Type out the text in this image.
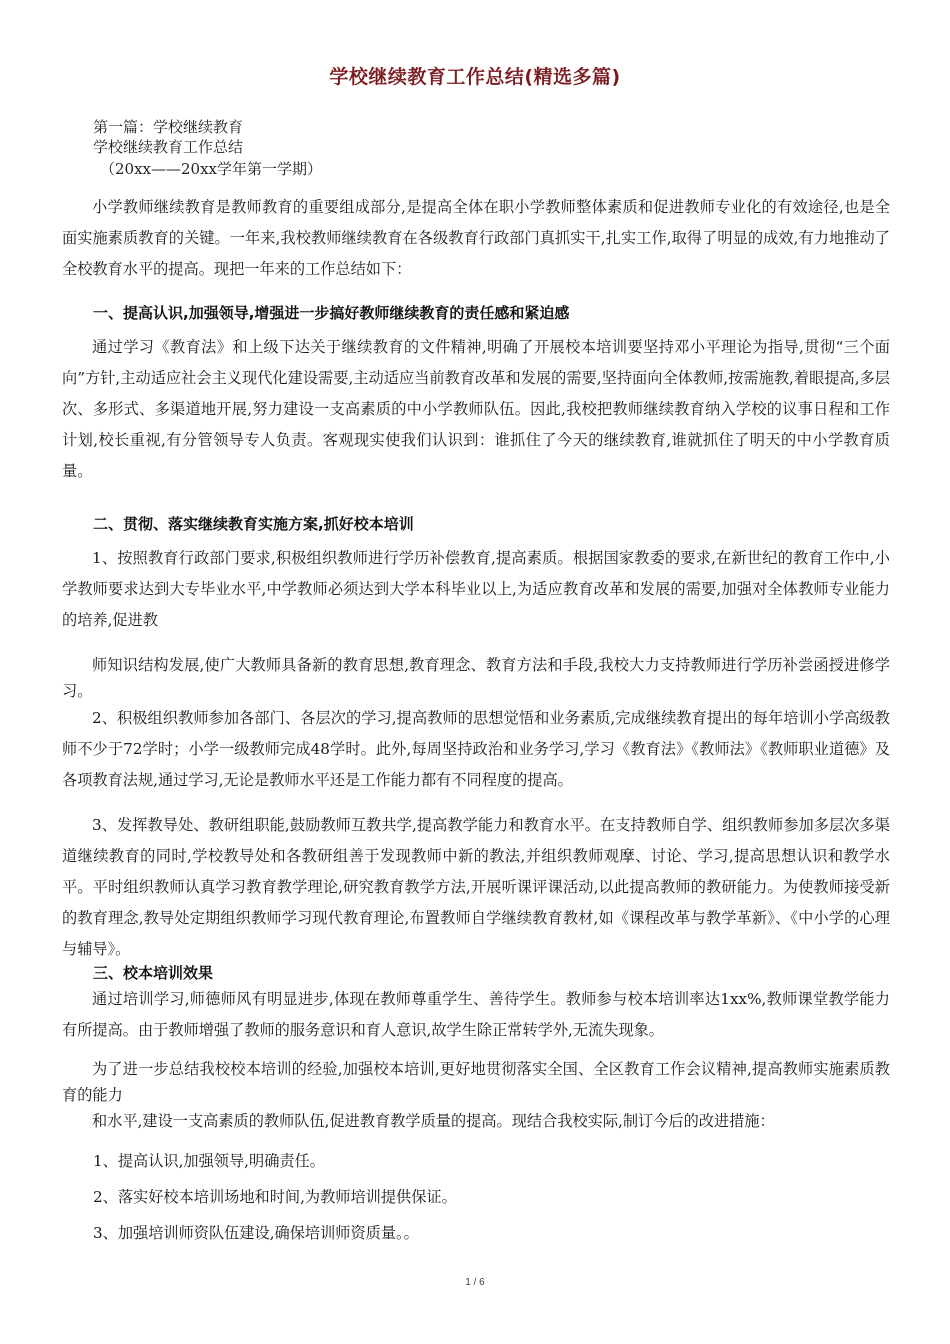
学校继续教育工作总结(精选多篇)
第一篇：学校继续教育
学校继续教育工作总结
（20xx——20xx学年第一学期）
小学教师继续教育是教师教育的重要组成部分,是提高全体在职小学教师整体素质和促进教师专业化的有效途径,也是全面实施素质教育的关键。一年来,我校教师继续教育在各级教育行政部门真抓实干,扎实工作,取得了明显的成效,有力地推动了全校教育水平的提高。现把一年来的工作总结如下：
一、提高认识,加强领导,增强进一步搞好教师继续教育的责任感和紧迫感
通过学习《教育法》和上级下达关于继续教育的文件精神,明确了开展校本培训要坚持邓小平理论为指导,贯彻“三个面向”方针,主动适应社会主义现代化建设需要,主动适应当前教育改革和发展的需要,坚持面向全体教师,按需施教,着眼提高,多层次、多形式、多渠道地开展,努力建设一支高素质的中小学教师队伍。因此,我校把教师继续教育纳入学校的议事日程和工作计划,校长重视,有分管领导专人负责。客观现实使我们认识到：谁抓住了今天的继续教育,谁就抓住了明天的中小学教育质量。
二、贯彻、落实继续教育实施方案,抓好校本培训
1、按照教育行政部门要求,积极组织教师进行学历补偿教育,提高素质。根据国家教委的要求,在新世纪的教育工作中,小学教师要求达到大专毕业水平,中学教师必须达到大学本科毕业以上,为适应教育改革和发展的需要,加强对全体教师专业能力的培养,促进教
师知识结构发展,使广大教师具备新的教育思想,教育理念、教育方法和手段,我校大力支持教师进行学历补尝函授进修学习。
2、积极组织教师参加各部门、各层次的学习,提高教师的思想觉悟和业务素质,完成继续教育提出的每年培训小学高级教师不少于72学时；小学一级教师完成48学时。此外,每周坚持政治和业务学习,学习《教育法》《教师法》《教师职业道德》及各项教育法规,通过学习,无论是教师水平还是工作能力都有不同程度的提高。
3、发挥教导处、教研组职能,鼓励教师互教共学,提高教学能力和教育水平。在支持教师自学、组织教师参加多层次多渠道继续教育的同时,学校教导处和各教研组善于发现教师中新的教法,并组织教师观摩、讨论、学习,提高思想认识和教学水平。平时组织教师认真学习教育教学理论,研究教育教学方法,开展听课评课活动,以此提高教师的教研能力。为使教师接受新的教育理念,教导处定期组织教师学习现代教育理论,布置教师自学继续教育教材,如《课程改革与教学革新》、《中小学的心理与辅导》。
三、校本培训效果
通过培训学习,师德师风有明显进步,体现在教师尊重学生、善待学生。教师参与校本培训率达1xx%,教师课堂教学能力有所提高。由于教师增强了教师的服务意识和育人意识,故学生除正常转学外,无流失现象。
为了进一步总结我校校本培训的经验,加强校本培训,更好地贯彻落实全国、全区教育工作会议精神,提高教师实施素质教育的能力
和水平,建设一支高素质的教师队伍,促进教育教学质量的提高。现结合我校实际,制订今后的改进措施：
1、提高认识,加强领导,明确责任。
2、落实好校本培训场地和时间,为教师培训提供保证。
3、加强培训师资队伍建设,确保培训师资质量。。
1 / 6
